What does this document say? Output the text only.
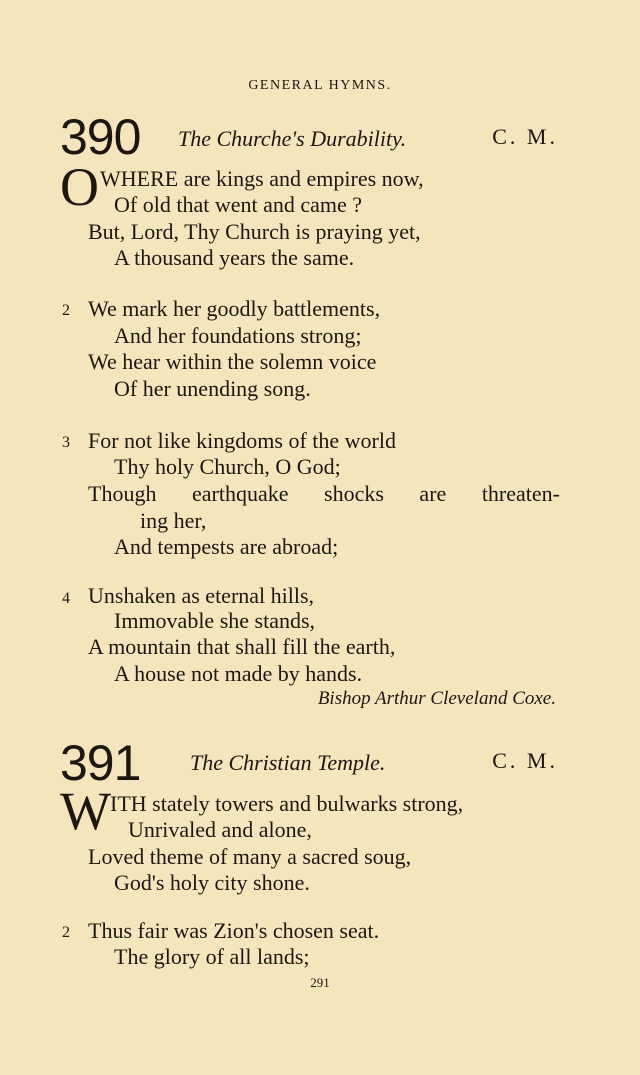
GENERAL HYMNS.
390 The Churche's Durability.	C. M.
O WHERE are kings and empires now,
Of old that went and came ?
But, Lord, Thy Church is praying yet,
A thousand years the same.
2 We mark her goodly battlements,
And her foundations strong;
We hear within the solemn voice
Of her unending song.
3 For not like kingdoms of the world
Thy holy Church, O God;
Though earthquake shocks are threaten-
ing her,
And tempests are abroad;
4 Unshaken as eternal hills,
Immovable she stands,
A mountain that shall fill the earth,
A house not made by hands.
Bishop Arthur Cleveland Coxe.
391 The Christian Temple.	C. M.
W ITH stately towers and bulwarks strong,
Unrivaled and alone,
Loved theme of many a sacred soug,
God's holy city shone.
2 Thus fair was Zion's chosen seat.
The glory of all lands;
291
